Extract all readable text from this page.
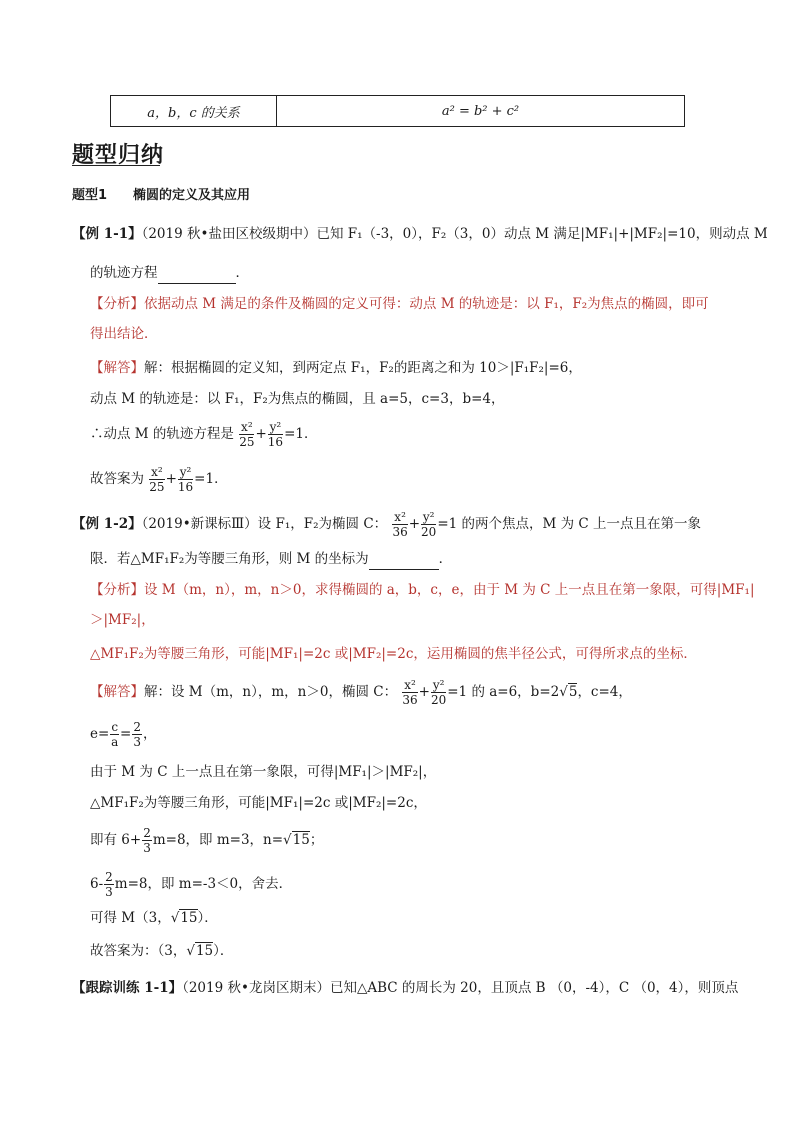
a，b，c 的关系	a² = b² + c²
题型归纳
题型1　　椭圆的定义及其应用
【例 1-1】（2019 秋•盐田区校级期中）已知 F₁（-3，0），F₂（3，0）动点 M 满足|MF₁|+|MF₂|=10，则动点 M
的轨迹方程	．
【分析】依据动点 M 满足的条件及椭圆的定义可得：动点 M 的轨迹是：以 F₁，F₂为焦点的椭圆，即可
得出结论．
【解答】解：根据椭圆的定义知，到两定点 F₁，F₂的距离之和为 10＞|F₁F₂|=6，
动点 M 的轨迹是：以 F₁，F₂为焦点的椭圆，且 a=5，c=3，b=4，
∴动点 M 的轨迹方程是 $\frac{\text{x²}}{25} + \frac{\text{y²}}{16} =1$．
故答案为 $\frac{\text{x²}}{25} + \frac{\text{y²}}{16} =1$．
【例 1-2】（2019•新课标Ⅲ）设 F₁，F₂为椭圆 C： $\frac{\text{x²}}{36} + \frac{\text{y²}}{20} =1$ 的两个焦点，M 为 C 上一点且在第一象
限．若△MF₁F₂为等腰三角形，则 M 的坐标为	．
【分析】设 M（m，n），m，n＞0，求得椭圆的 a，b，c，e，由于 M 为 C 上一点且在第一象限，可得|MF₁|
＞|MF₂|，
△MF₁F₂为等腰三角形，可能|MF₁|=2c 或|MF₂|=2c，运用椭圆的焦半径公式，可得所求点的坐标．
【解答】解：设 M（m，n），m，n＞0，椭圆 C： $\frac{\text{x²}}{36} + \frac{\text{y²}}{20} =1$ 的 a=6，b=2√5，c=4，
$e= \frac{c}{a} = \frac{2}{3}$ ，
由于 M 为 C 上一点且在第一象限，可得|MF₁|＞|MF₂|，
△MF₁F₂为等腰三角形，可能|MF₁|=2c 或|MF₂|=2c，
即有 $6+ \frac{2}{3} m=8$，即 m=3，n=√15；
$6- \frac{2}{3} m=8$，即 m=-3＜0，舍去．
可得 M（3，√15）．
故答案为：（3，√15）．
【跟踪训练 1-1】（2019 秋•龙岗区期末）已知△ABC 的周长为 20，且顶点 B （0，-4），C （0，4），则顶点
